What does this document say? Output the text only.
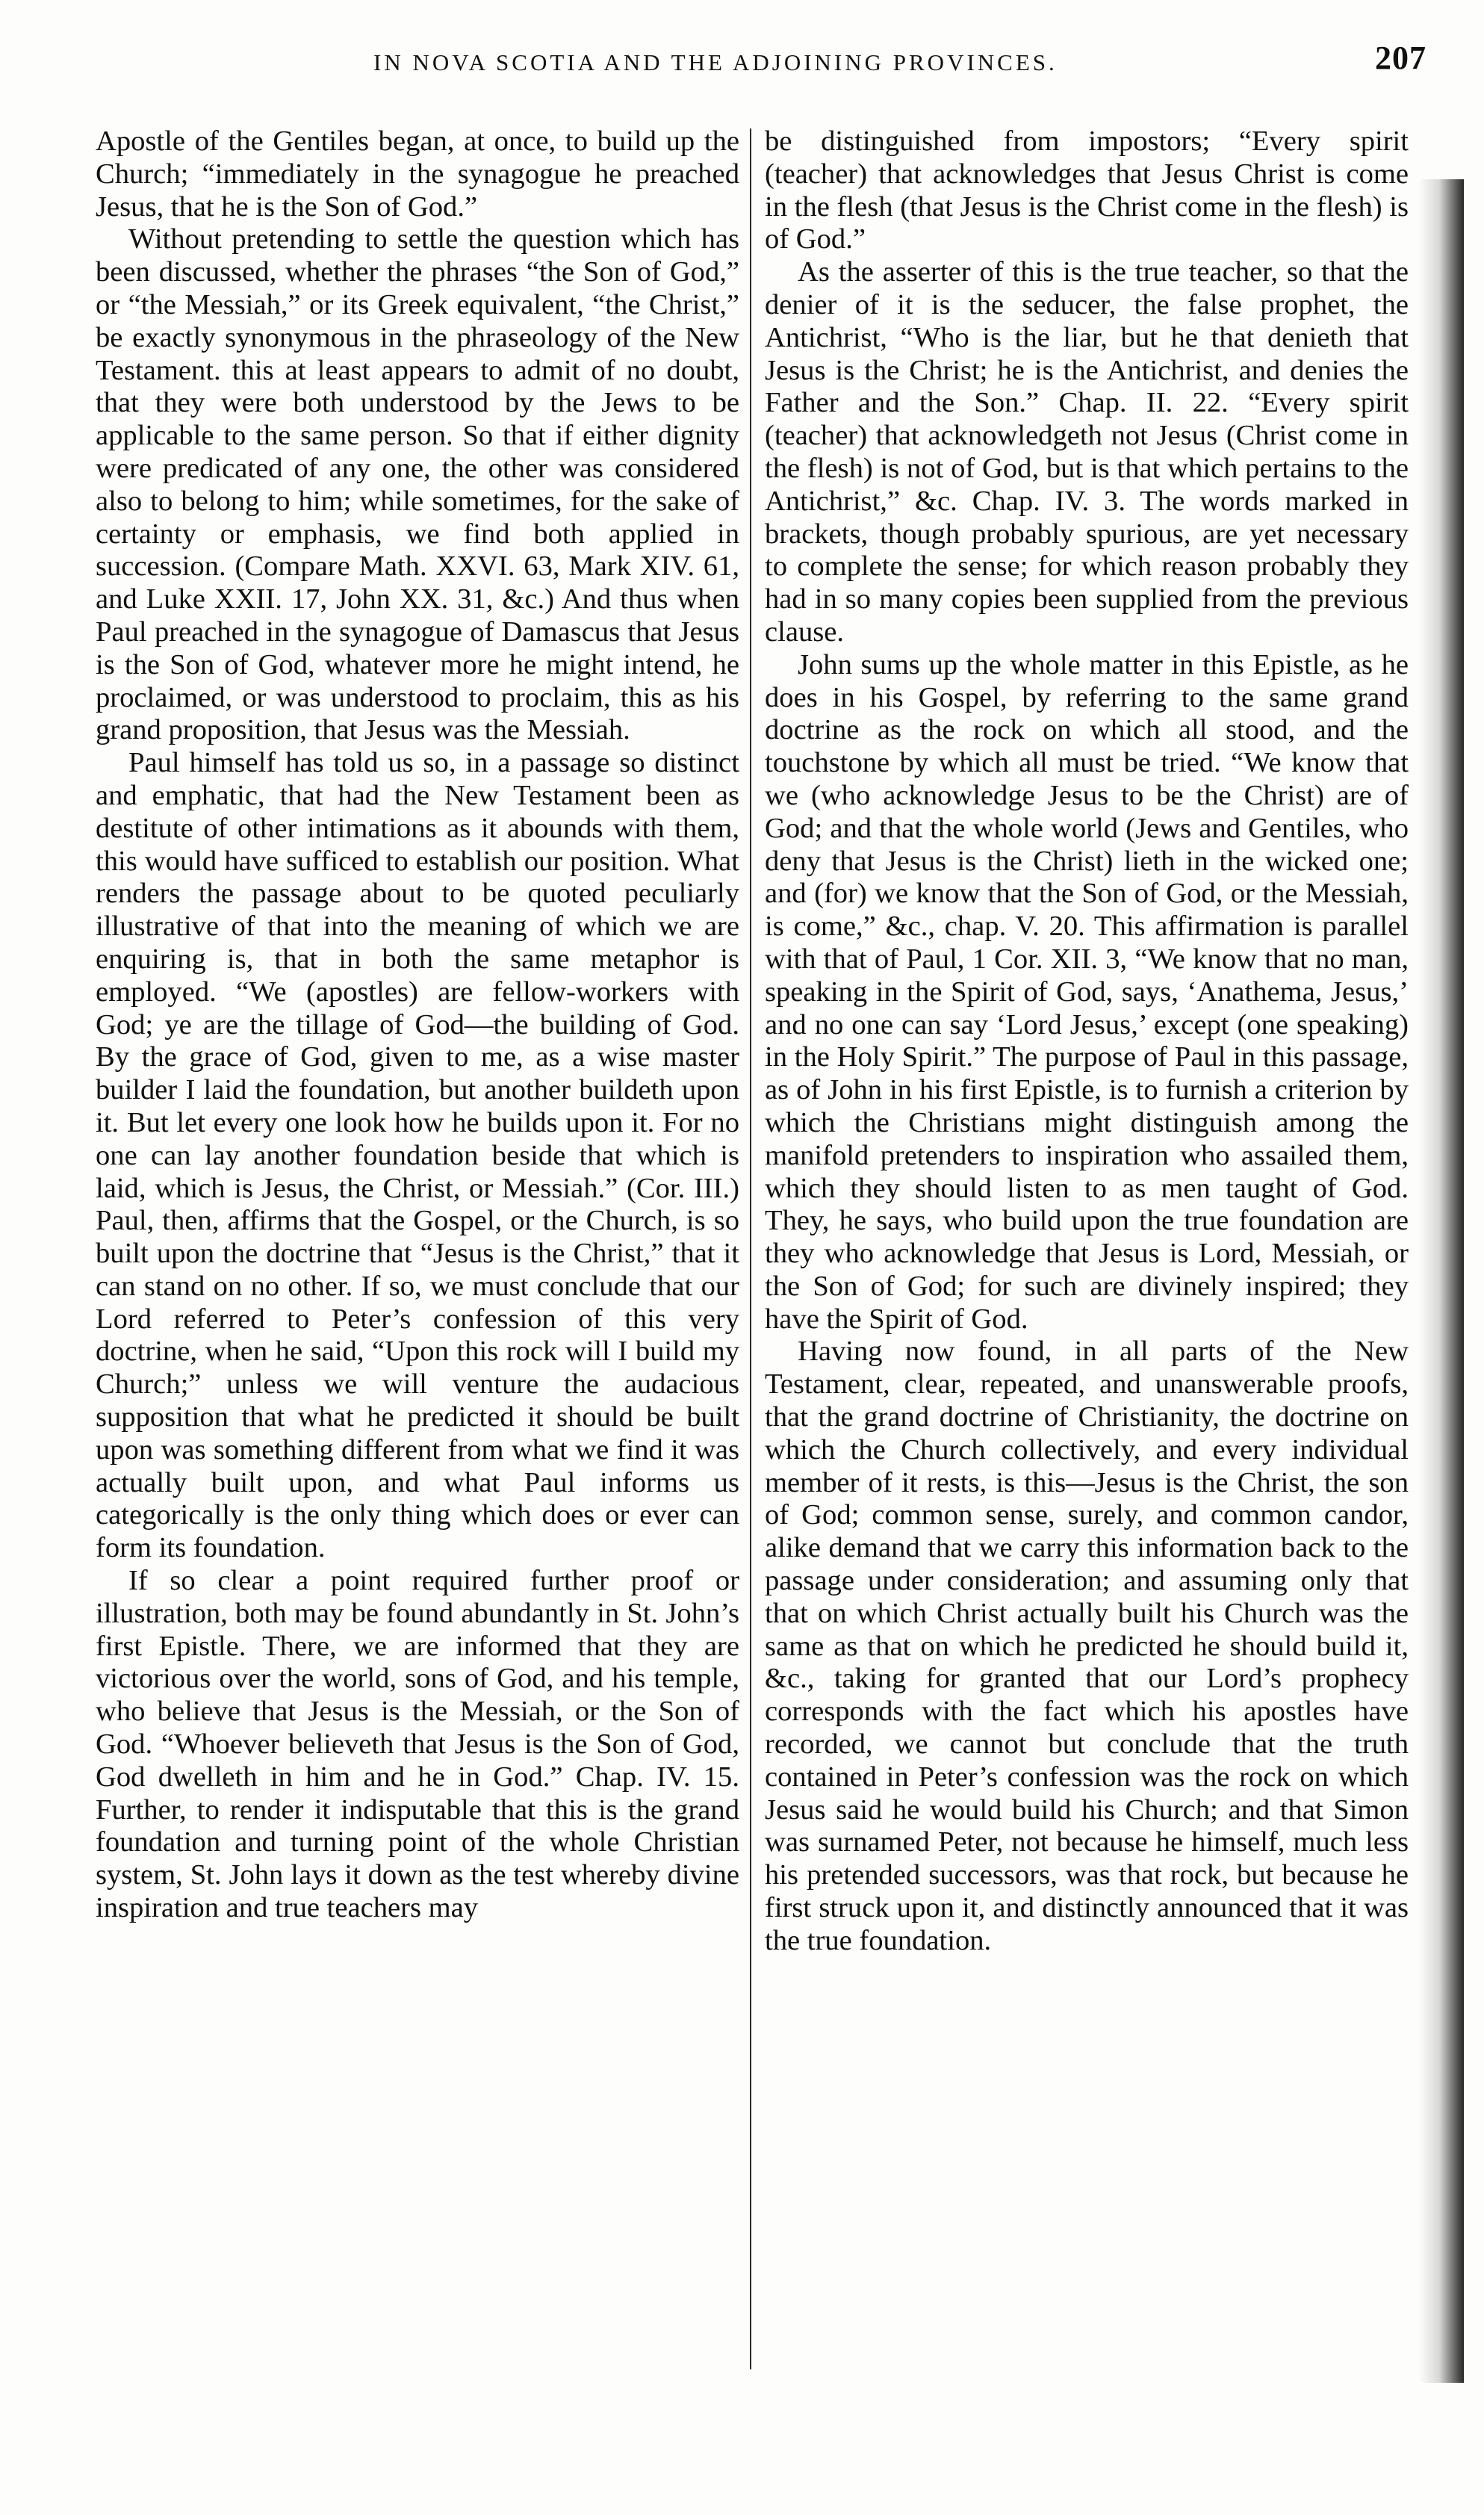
IN NOVA SCOTIA AND THE ADJOINING PROVINCES.	207

Apostle of the Gentiles began, at once, to build up the Church; “immediately in the synagogue he preached Jesus, that he is the Son of God.”

Without pretending to settle the question which has been discussed, whether the phrases “the Son of God,” or “the Messiah,” or its Greek equivalent, “the Christ,” be exactly synonymous in the phraseology of the New Testament. this at least appears to admit of no doubt, that they were both understood by the Jews to be applicable to the same person. So that if either dignity were predicated of any one, the other was considered also to belong to him; while sometimes, for the sake of certainty or emphasis, we find both applied in succession. (Compare Math. XXVI. 63, Mark XIV. 61, and Luke XXII. 17, John XX. 31, &c.) And thus when Paul preached in the synagogue of Damascus that Jesus is the Son of God, whatever more he might intend, he proclaimed, or was understood to proclaim, this as his grand proposition, that Jesus was the Messiah.

Paul himself has told us so, in a passage so distinct and emphatic, that had the New Testament been as destitute of other intimations as it abounds with them, this would have sufficed to establish our position. What renders the passage about to be quoted peculiarly illustrative of that into the meaning of which we are enquiring is, that in both the same metaphor is employed. “We (apostles) are fellow-workers with God; ye are the tillage of God—the building of God. By the grace of God, given to me, as a wise master builder I laid the foundation, but another buildeth upon it. But let every one look how he builds upon it. For no one can lay another foundation beside that which is laid, which is Jesus, the Christ, or Messiah.” (Cor. III.) Paul, then, affirms that the Gospel, or the Church, is so built upon the doctrine that “Jesus is the Christ,” that it can stand on no other. If so, we must conclude that our Lord referred to Peter’s confession of this very doctrine, when he said, “Upon this rock will I build my Church;” unless we will venture the audacious supposition that what he predicted it should be built upon was something different from what we find it was actually built upon, and what Paul informs us categorically is the only thing which does or ever can form its foundation.

If so clear a point required further proof or illustration, both may be found abundantly in St. John’s first Epistle. There, we are informed that they are victorious over the world, sons of God, and his temple, who believe that Jesus is the Messiah, or the Son of God. “Whoever believeth that Jesus is the Son of God, God dwelleth in him and he in God.” Chap. IV. 15. Further, to render it indisputable that this is the grand foundation and turning point of the whole Christian system, St. John lays it down as the test whereby divine inspiration and true teachers may

be distinguished from impostors; “Every spirit (teacher) that acknowledges that Jesus Christ is come in the flesh (that Jesus is the Christ come in the flesh) is of God.”

As the asserter of this is the true teacher, so that the denier of it is the seducer, the false prophet, the Antichrist, “Who is the liar, but he that denieth that Jesus is the Christ; he is the Antichrist, and denies the Father and the Son.” Chap. II. 22. “Every spirit (teacher) that acknowledgeth not Jesus (Christ come in the flesh) is not of God, but is that which pertains to the Antichrist,” &c. Chap. IV. 3. The words marked in brackets, though probably spurious, are yet necessary to complete the sense; for which reason probably they had in so many copies been supplied from the previous clause.

John sums up the whole matter in this Epistle, as he does in his Gospel, by referring to the same grand doctrine as the rock on which all stood, and the touchstone by which all must be tried. “We know that we (who acknowledge Jesus to be the Christ) are of God; and that the whole world (Jews and Gentiles, who deny that Jesus is the Christ) lieth in the wicked one; and (for) we know that the Son of God, or the Messiah, is come,” &c., chap. V. 20. This affirmation is parallel with that of Paul, 1 Cor. XII. 3, “We know that no man, speaking in the Spirit of God, says, ‘Anathema, Jesus,’ and no one can say ‘Lord Jesus,’ except (one speaking) in the Holy Spirit.” The purpose of Paul in this passage, as of John in his first Epistle, is to furnish a criterion by which the Christians might distinguish among the manifold pretenders to inspiration who assailed them, which they should listen to as men taught of God. They, he says, who build upon the true foundation are they who acknowledge that Jesus is Lord, Messiah, or the Son of God; for such are divinely inspired; they have the Spirit of God.

Having now found, in all parts of the New Testament, clear, repeated, and unanswerable proofs, that the grand doctrine of Christianity, the doctrine on which the Church collectively, and every individual member of it rests, is this—Jesus is the Christ, the son of God; common sense, surely, and common candor, alike demand that we carry this information back to the passage under consideration; and assuming only that that on which Christ actually built his Church was the same as that on which he predicted he should build it, &c., taking for granted that our Lord’s prophecy corresponds with the fact which his apostles have recorded, we cannot but conclude that the truth contained in Peter’s confession was the rock on which Jesus said he would build his Church; and that Simon was surnamed Peter, not because he himself, much less his pretended successors, was that rock, but because he first struck upon it, and distinctly announced that it was the true foundation.
